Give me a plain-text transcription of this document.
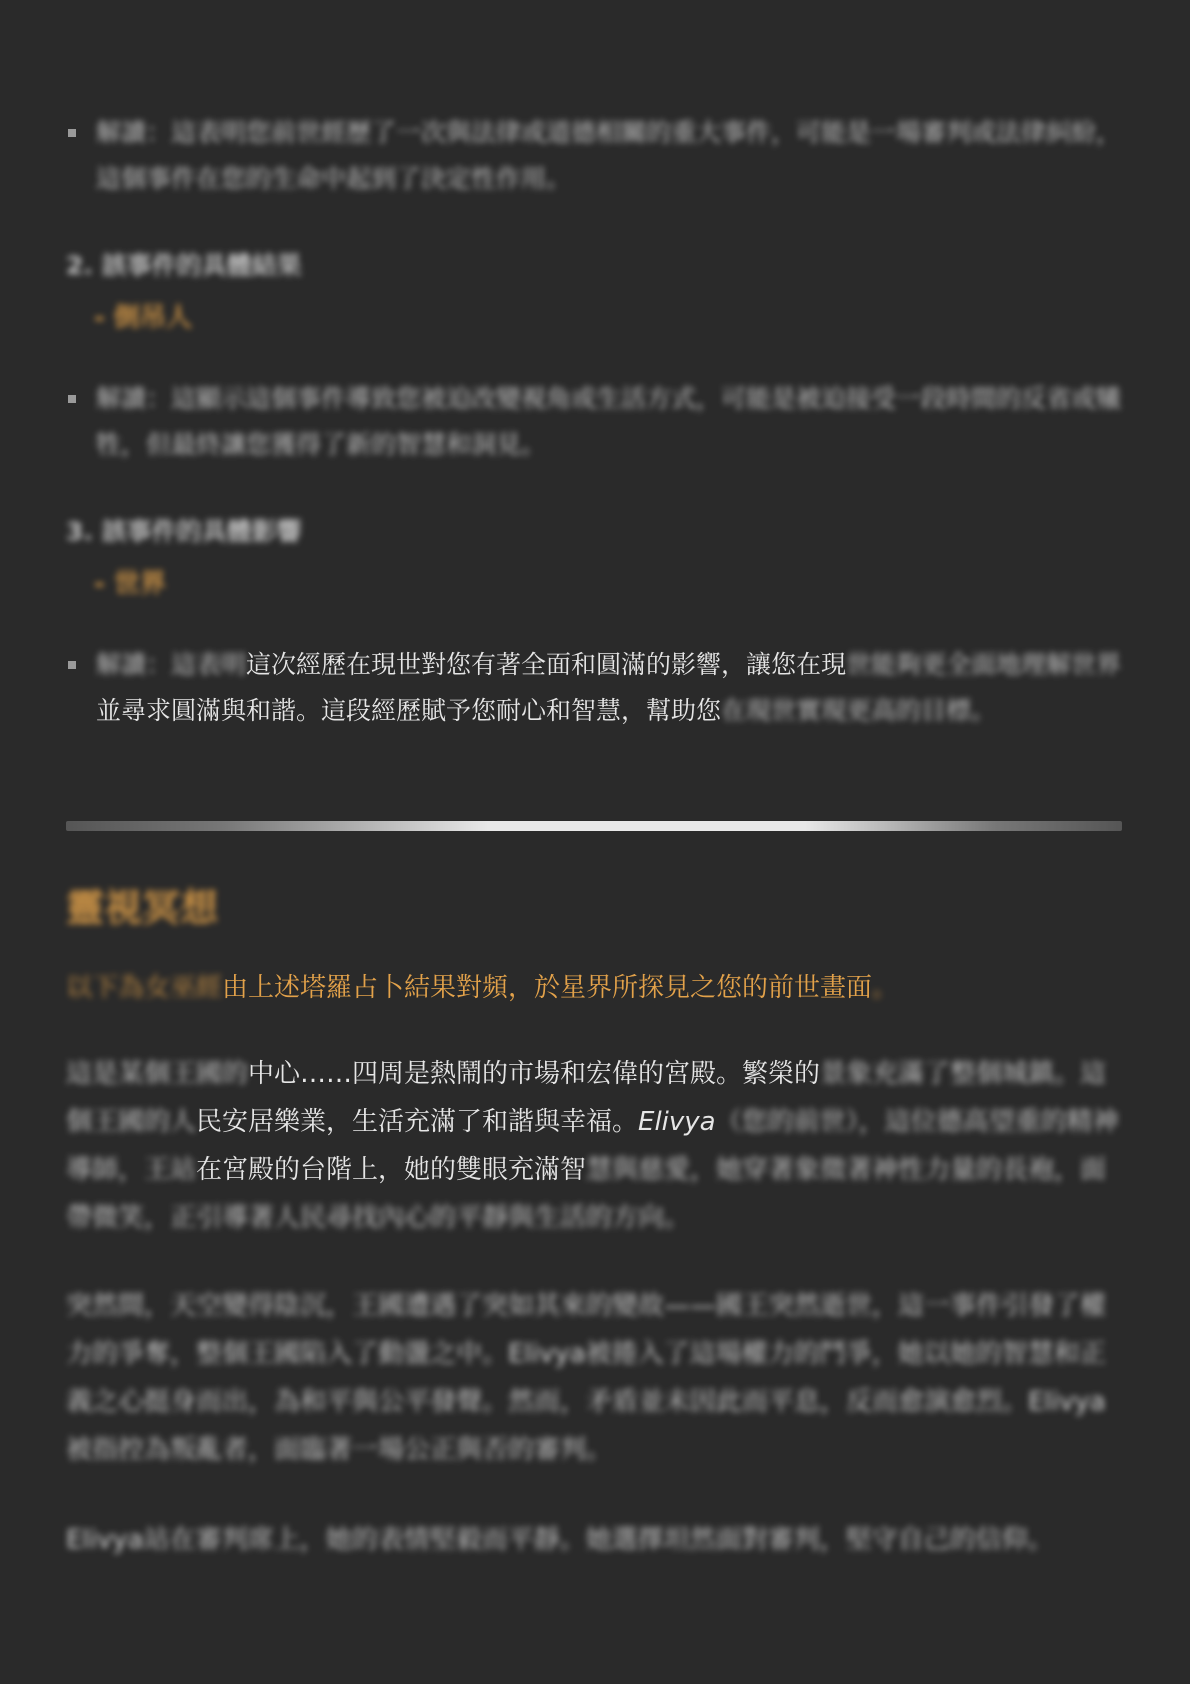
解讀：這表明您前世經歷了一次與法律或道德相關的重大事件，可能是一場審判或法律糾紛，這個事件在您的生命中起到了決定性作用。
2. 該事件的具體結果
- 倒吊人
解讀：這顯示這個事件導致您被迫改變視角或生活方式，可能是被迫接受一段時間的反省或犧牲，但最終讓您獲得了新的智慧和洞見。
3. 該事件的具體影響
- 世界
解讀：這表明這次經歷在現世對您有著全面和圓滿的影響，讓您在現世能夠更全面地理解世界並尋求圓滿與和諧。這段經歷賦予您耐心和智慧，幫助您在現世實現更高的目標。
靈視冥想
以下為女巫經由上述塔羅占卜結果對頻，於星界所探見之您的前世畫面。
這是某個王國的中心……四周是熱鬧的市場和宏偉的宮殿。繁榮的景象充滿了整個城鎮。這個王國的人民安居樂業，生活充滿了和諧與幸福。Elivya（您的前世），這位德高望重的精神導師，王站在宮殿的台階上，她的雙眼充滿智慧與慈愛，她穿著象徵著神性力量的長袍，面帶微笑，正引導著人民尋找內心的平靜與生活的方向。
突然間，天空變得陰沉，王國遭遇了突如其來的變故——國王突然逝世，這一事件引發了權力的爭奪，整個王國陷入了動盪之中。Elivya被捲入了這場權力的鬥爭，她以她的智慧和正義之心挺身而出，為和平與公平發聲。然而，矛盾並未因此而平息，反而愈演愈烈。Elivya被指控為叛亂者，面臨著一場公正與否的審判。
Elivya站在審判席上，她的表情堅毅而平靜。她選擇坦然面對審判，堅守自己的信仰。
